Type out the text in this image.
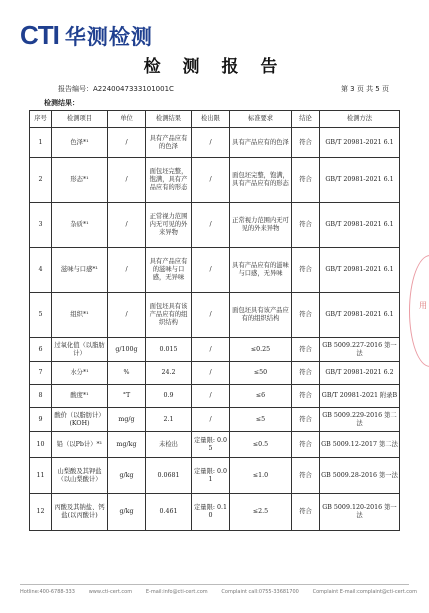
CTI 华测检测
检 测 报 告
报告编号：A2240047333101001C	第 3 页 共 5 页
检测结果：
序号	检测项目	单位	检测结果	检出限	标准要求	结论	检测方法
1	色泽*¹	/	具有产品应有的色泽	/	具有产品应有的色泽	符合	GB/T 20981-2021 6.1
2	形态*¹	/	面包坯完整，饱满，具有产品应有的形态	/	面包坯完整，饱满，具有产品应有的形态	符合	GB/T 20981-2021 6.1
3	杂质*¹	/	正常视力范围内无可见的外来异物	/	正常视力范围内无可见的外来异物	符合	GB/T 20981-2021 6.1
4	滋味与口感*¹	/	具有产品应有的滋味与口感，无异味	/	具有产品应有的滋味与口感，无异味	符合	GB/T 20981-2021 6.1
5	组织*¹	/	面包坯具有该产品应有的组织结构	/	面包坯具有该产品应有的组织结构	符合	GB/T 20981-2021 6.1
6	过氧化值（以脂肪计）	g/100g	0.015	/	≤0.25	符合	GB 5009.227-2016 第一法
7	水分*¹	%	24.2	/	≤50	符合	GB/T 20981-2021 6.2
8	酸度*¹	°T	0.9	/	≤6	符合	GB/T 20981-2021 附录B
9	酸价（以脂肪计）(KOH)	mg/g	2.1	/	≤5	符合	GB 5009.229-2016 第二法
10	铅（以Pb计）*¹	mg/kg	未检出	定量限: 0.05	≤0.5	符合	GB 5009.12-2017 第二法
11	山梨酸及其钾盐（以山梨酸计）	g/kg	0.0681	定量限: 0.01	≤1.0	符合	GB 5009.28-2016 第一法
12	丙酸及其钠盐、钙盐(以丙酸计)	g/kg	0.461	定量限: 0.10	≤2.5	符合	GB 5009.120-2016 第一法
用
Hotline:400-6788-333	www.cti-cert.com	E-mail:info@cti-cert.com	Complaint call:0755-33681700	Complaint E-mail:complaint@cti-cert.com
